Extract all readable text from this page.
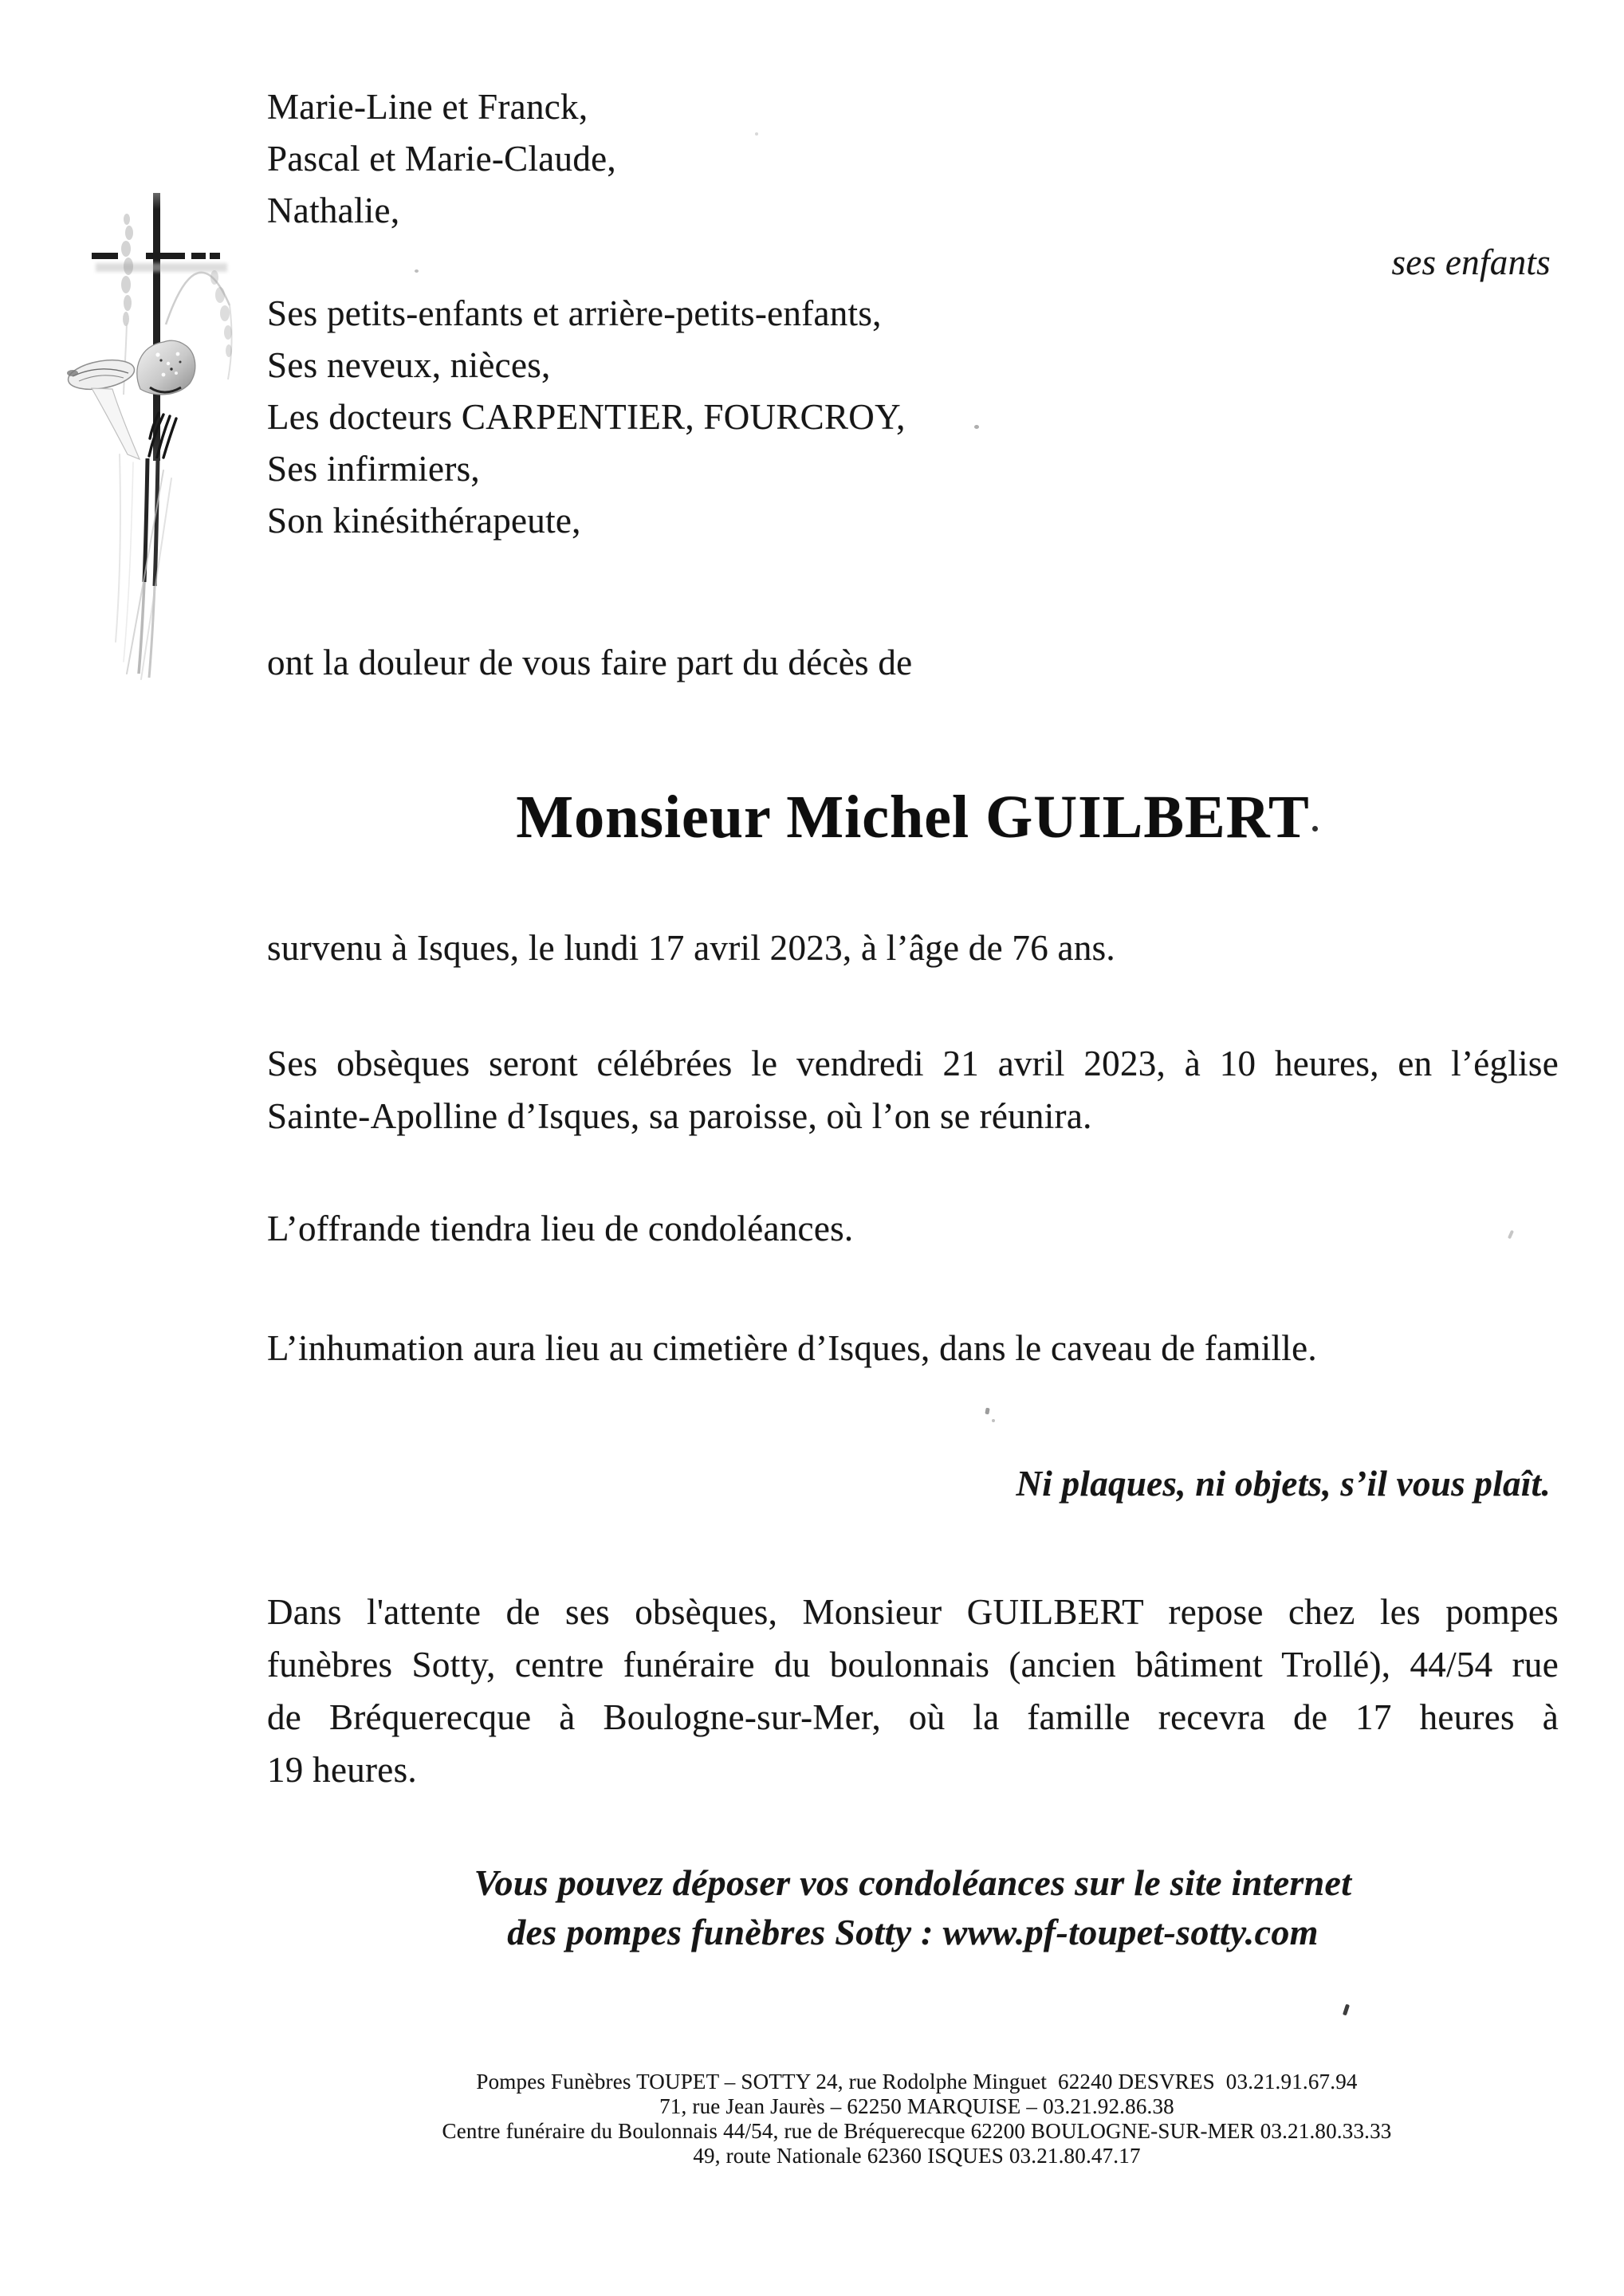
Marie-Line et Franck,
Pascal et Marie-Claude,
Nathalie,
ses enfants
Ses petits-enfants et arrière-petits-enfants,
Ses neveux, nièces,
Les docteurs CARPENTIER, FOURCROY,
Ses infirmiers,
Son kinésithérapeute,
ont la douleur de vous faire part du décès de
Monsieur Michel GUILBERT
survenu à Isques, le lundi 17 avril 2023, à l’âge de 76 ans.
Ses obsèques seront célébrées le vendredi 21 avril 2023, à 10 heures, en l’église
Sainte-Apolline d’Isques, sa paroisse, où l’on se réunira.
L’offrande tiendra lieu de condoléances.
L’inhumation aura lieu au cimetière d’Isques, dans le caveau de famille.
Ni plaques, ni objets, s’il vous plaît.
Dans l'attente de ses obsèques, Monsieur GUILBERT repose chez les pompes
funèbres Sotty, centre funéraire du boulonnais (ancien bâtiment Trollé), 44/54 rue
de Bréquerecque à Boulogne-sur-Mer, où la famille recevra de 17 heures à
19 heures.
Vous pouvez déposer vos condoléances sur le site internet
des pompes funèbres Sotty : www.pf-toupet-sotty.com
Pompes Funèbres TOUPET – SOTTY 24, rue Rodolphe Minguet  62240 DESVRES  03.21.91.67.94
71, rue Jean Jaurès – 62250 MARQUISE – 03.21.92.86.38
Centre funéraire du Boulonnais 44/54, rue de Bréquerecque 62200 BOULOGNE-SUR-MER 03.21.80.33.33
49, route Nationale 62360 ISQUES 03.21.80.47.17
